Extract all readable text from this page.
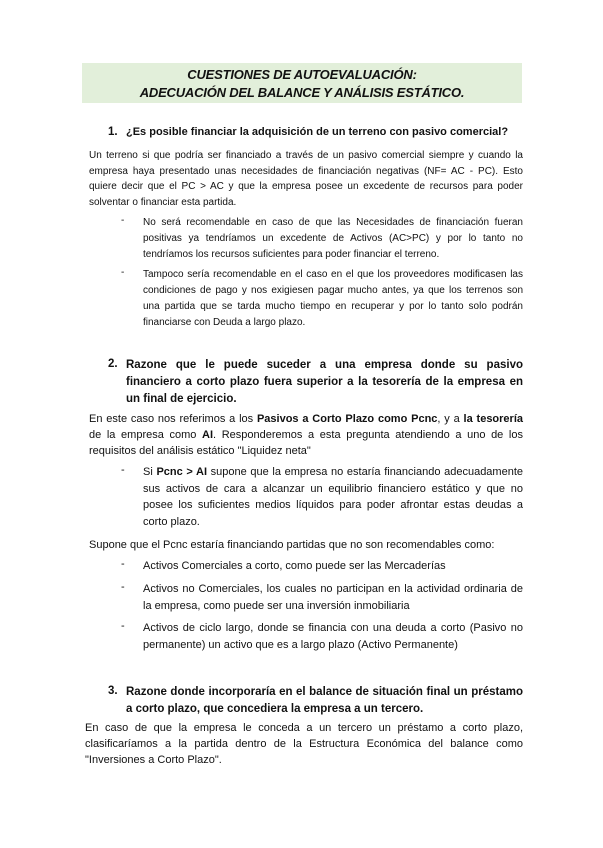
CUESTIONES DE AUTOEVALUACIÓN:
ADECUACIÓN DEL BALANCE Y ANÁLISIS ESTÁTICO.
1. ¿Es posible financiar la adquisición de un terreno con pasivo comercial?
Un terreno si que podría ser financiado a través de un pasivo comercial siempre y cuando la empresa haya presentado unas necesidades de financiación negativas (NF= AC - PC). Esto quiere decir que el PC > AC y que la empresa posee un excedente de recursos para poder solventar o financiar esta partida.
- No será recomendable en caso de que las Necesidades de financiación fueran positivas ya tendríamos un excedente de Activos (AC>PC) y por lo tanto no tendríamos los recursos suficientes para poder financiar el terreno.
- Tampoco sería recomendable en el caso en el que los proveedores modificasen las condiciones de pago y nos exigiesen pagar mucho antes, ya que los terrenos son una partida que se tarda mucho tiempo en recuperar y por lo tanto solo podrán financiarse con Deuda a largo plazo.
2. Razone que le puede suceder a una empresa donde su pasivo financiero a corto plazo fuera superior a la tesorería de la empresa en un final de ejercicio.
En este caso nos referimos a los Pasivos a Corto Plazo como Pcnc, y a la tesorería de la empresa como AI. Responderemos a esta pregunta atendiendo a uno de los requisitos del análisis estático "Liquidez neta"
- Si Pcnc > AI supone que la empresa no estaría financiando adecuadamente sus activos de cara a alcanzar un equilibrio financiero estático y que no posee los suficientes medios líquidos para poder afrontar estas deudas a corto plazo.
Supone que el Pcnc estaría financiando partidas que no son recomendables como:
- Activos Comerciales a corto, como puede ser las Mercaderías
- Activos no Comerciales, los cuales no participan en la actividad ordinaria de la empresa, como puede ser una inversión inmobiliaria
- Activos de ciclo largo, donde se financia con una deuda a corto (Pasivo no permanente) un activo que es a largo plazo (Activo Permanente)
3. Razone donde incorporaría en el balance de situación final un préstamo a corto plazo, que concediera la empresa a un tercero.
En caso de que la empresa le conceda a un tercero un préstamo a corto plazo, clasificaríamos a la partida dentro de la Estructura Económica del balance como "Inversiones a Corto Plazo".
